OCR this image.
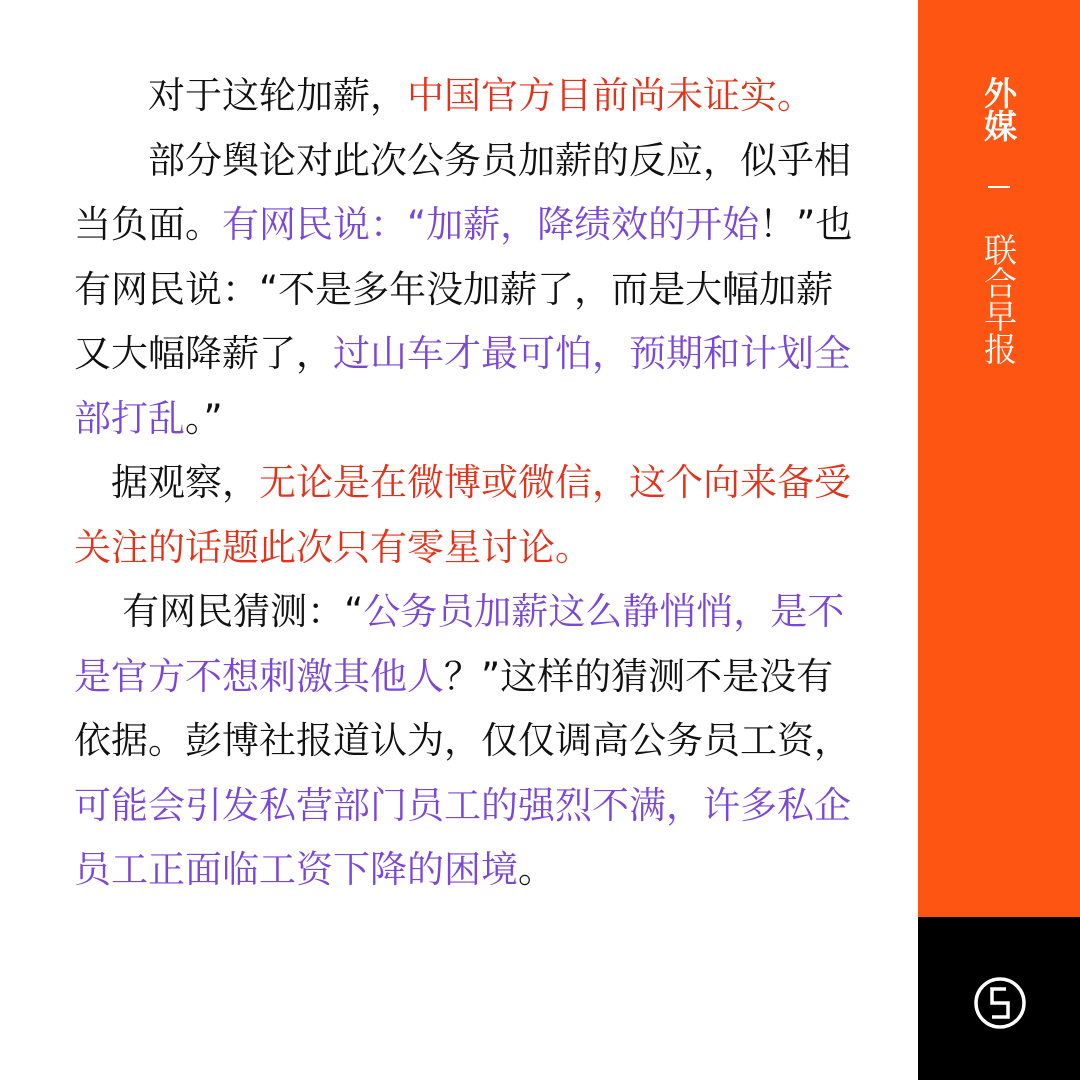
对于这轮加薪，中国官方目前尚未证实。

部分舆论对此次公务员加薪的反应，似乎相当负面。有网民说：“加薪，降绩效的开始！”也有网民说：“不是多年没加薪了，而是大幅加薪又大幅降薪了，过山车才最可怕，预期和计划全部打乱。”

据观察，无论是在微博或微信，这个向来备受关注的话题此次只有零星讨论。

有网民猜测：“公务员加薪这么静悄悄，是不是官方不想刺激其他人？”这样的猜测不是没有依据。彭博社报道认为，仅仅调高公务员工资，可能会引发私营部门员工的强烈不满，许多私企员工正面临工资下降的困境。

外媒
联合早报
